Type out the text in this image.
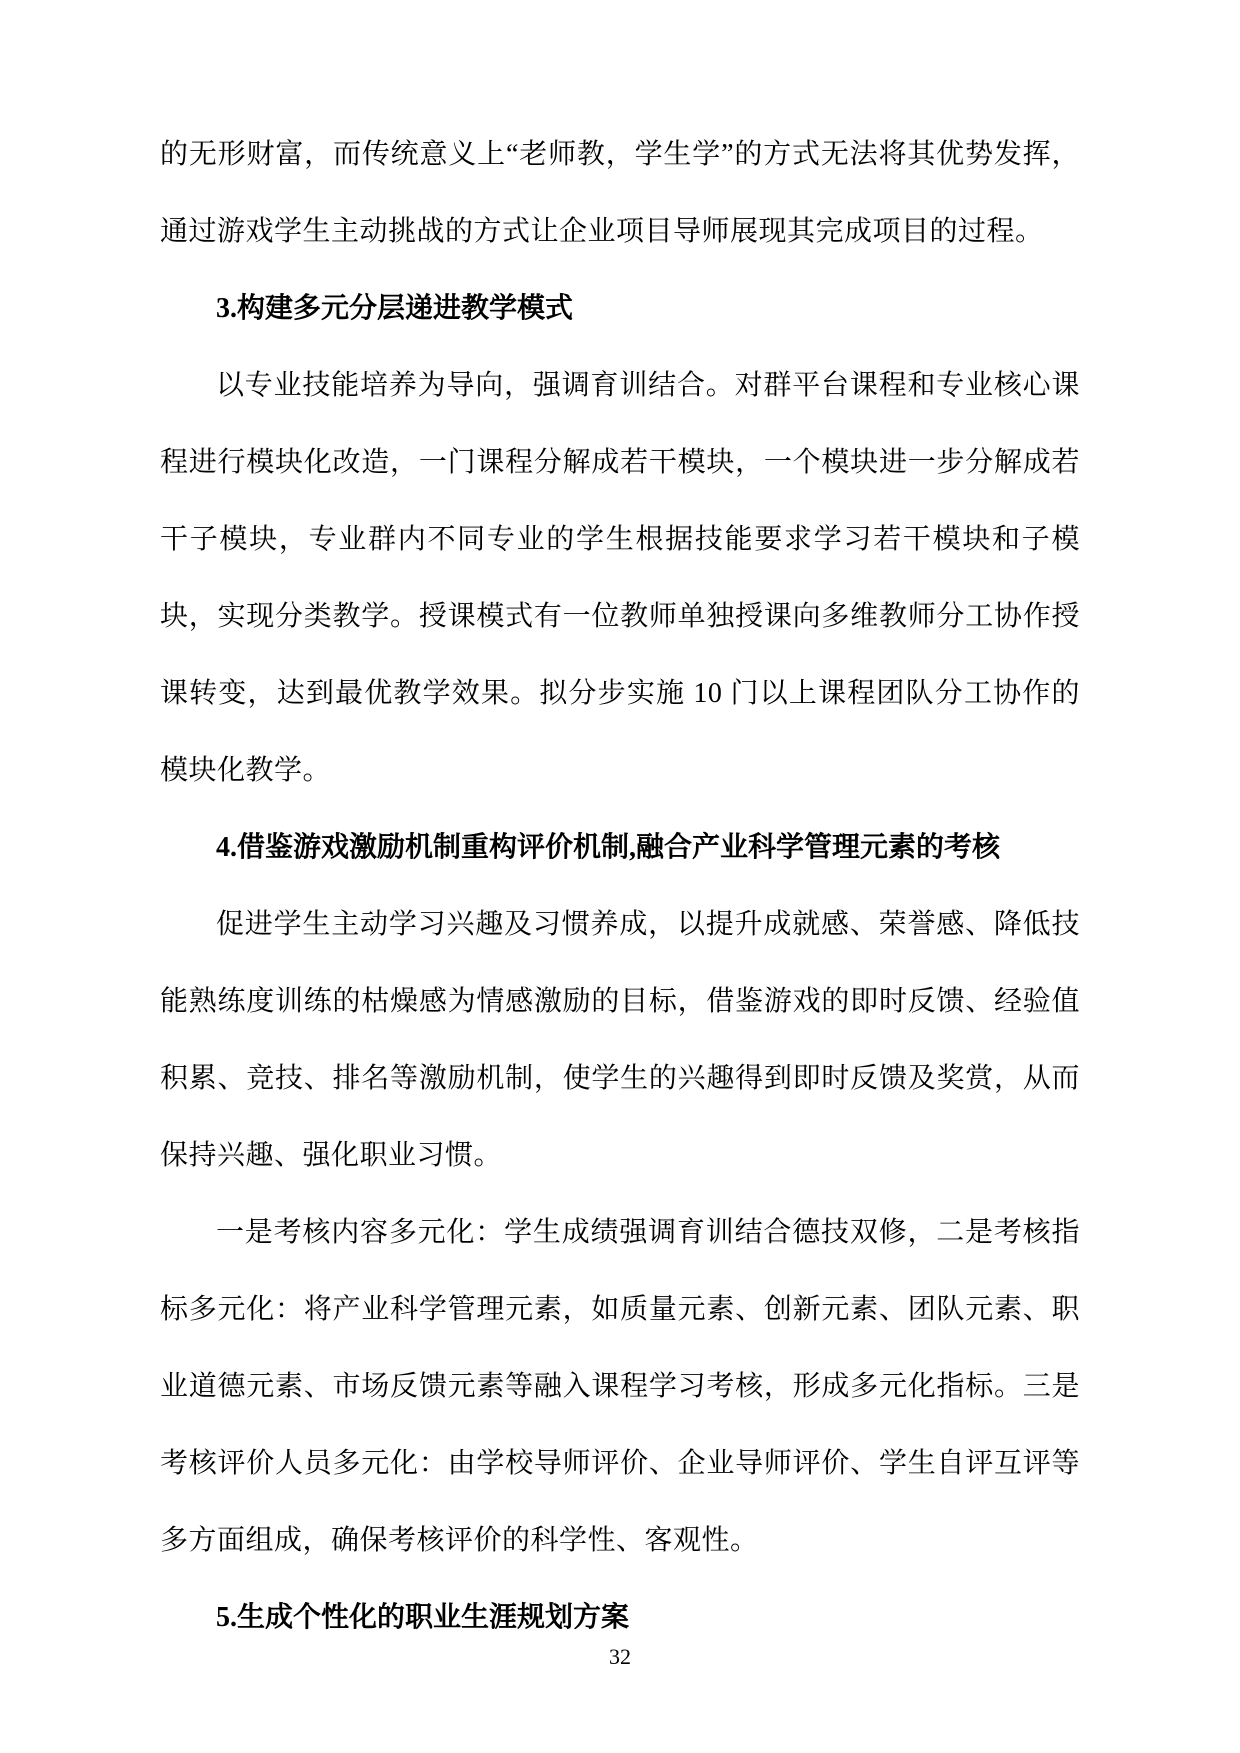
的无形财富，而传统意义上“老师教，学生学”的方式无法将其优势发挥，通过游戏学生主动挑战的方式让企业项目导师展现其完成项目的过程。

3.构建多元分层递进教学模式

以专业技能培养为导向，强调育训结合。对群平台课程和专业核心课程进行模块化改造，一门课程分解成若干模块，一个模块进一步分解成若干子模块，专业群内不同专业的学生根据技能要求学习若干模块和子模块，实现分类教学。授课模式有一位教师单独授课向多维教师分工协作授课转变，达到最优教学效果。拟分步实施 10 门以上课程团队分工协作的模块化教学。

4.借鉴游戏激励机制重构评价机制,融合产业科学管理元素的考核

促进学生主动学习兴趣及习惯养成，以提升成就感、荣誉感、降低技能熟练度训练的枯燥感为情感激励的目标，借鉴游戏的即时反馈、经验值积累、竞技、排名等激励机制，使学生的兴趣得到即时反馈及奖赏，从而保持兴趣、强化职业习惯。

一是考核内容多元化：学生成绩强调育训结合德技双修，二是考核指标多元化：将产业科学管理元素，如质量元素、创新元素、团队元素、职业道德元素、市场反馈元素等融入课程学习考核，形成多元化指标。三是考核评价人员多元化：由学校导师评价、企业导师评价、学生自评互评等多方面组成，确保考核评价的科学性、客观性。

5.生成个性化的职业生涯规划方案

32
